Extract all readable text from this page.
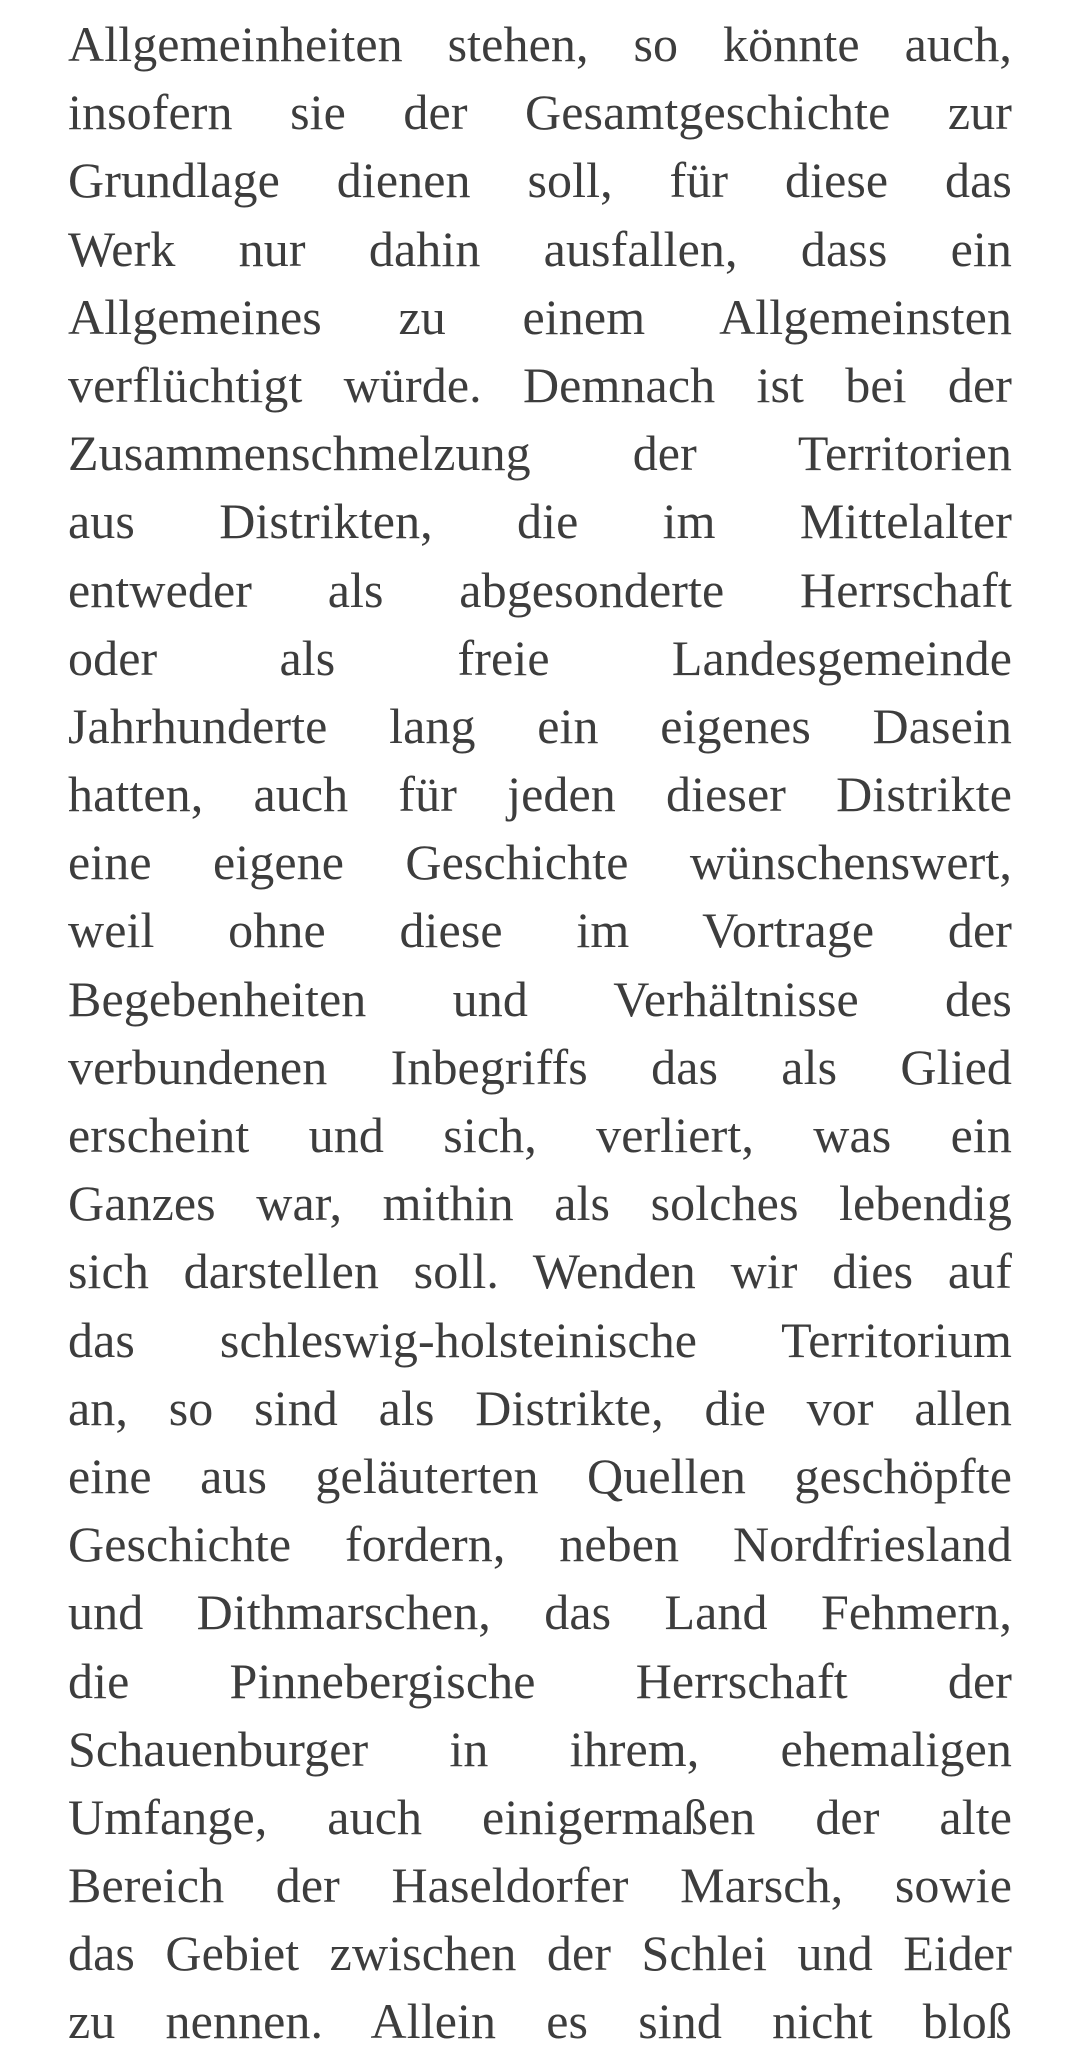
Allgemeinheiten stehen, so könnte auch,
insofern sie der Gesamtgeschichte zur
Grundlage dienen soll, für diese das
Werk nur dahin ausfallen, dass ein
Allgemeines zu einem Allgemeinsten
verflüchtigt würde. Demnach ist bei der
Zusammenschmelzung der Territorien
aus Distrikten, die im Mittelalter
entweder als abgesonderte Herrschaft
oder als freie Landesgemeinde
Jahrhunderte lang ein eigenes Dasein
hatten, auch für jeden dieser Distrikte
eine eigene Geschichte wünschenswert,
weil ohne diese im Vortrage der
Begebenheiten und Verhältnisse des
verbundenen Inbegriffs das als Glied
erscheint und sich, verliert, was ein
Ganzes war, mithin als solches lebendig
sich darstellen soll. Wenden wir dies auf
das schleswig-holsteinische Territorium
an, so sind als Distrikte, die vor allen
eine aus geläuterten Quellen geschöpfte
Geschichte fordern, neben Nordfriesland
und Dithmarschen, das Land Fehmern,
die Pinnebergische Herrschaft der
Schauenburger in ihrem, ehemaligen
Umfange, auch einigermaßen der alte
Bereich der Haseldorfer Marsch, sowie
das Gebiet zwischen der Schlei und Eider
zu nennen. Allein es sind nicht bloß
